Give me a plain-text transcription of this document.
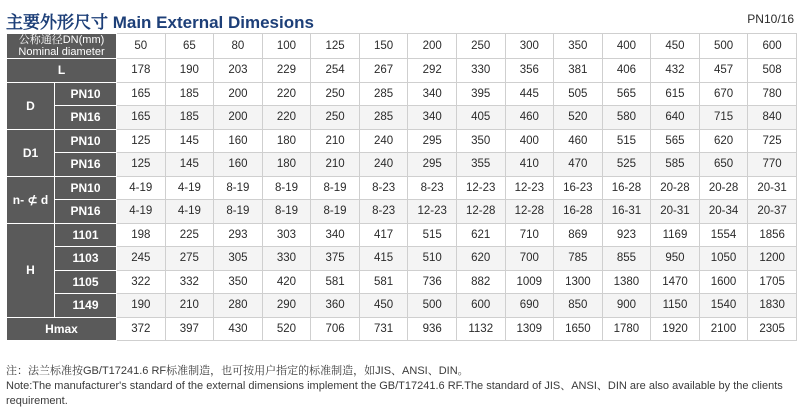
主要外形尺寸 Main External Dimesions	PN10/16
公称通径DN(mm)
Nominal diameter		50	65	80	100	125	150	200	250	300	350	400	450	500	600
L		178	190	203	229	254	267	292	330	356	381	406	432	457	508
D	PN10	165	185	200	220	250	285	340	395	445	505	565	615	670	780
	PN16	165	185	200	220	250	285	340	405	460	520	580	640	715	840
D1	PN10	125	145	160	180	210	240	295	350	400	460	515	565	620	725
	PN16	125	145	160	180	210	240	295	355	410	470	525	585	650	770
n- ⊄ d	PN10	4-19	4-19	8-19	8-19	8-19	8-23	8-23	12-23	12-23	16-23	16-28	20-28	20-28	20-31
	PN16	4-19	4-19	8-19	8-19	8-19	8-23	12-23	12-28	12-28	16-28	16-31	20-31	20-34	20-37
H	1101	198	225	293	303	340	417	515	621	710	869	923	1169	1554	1856
	1103	245	275	305	330	375	415	510	620	700	785	855	950	1050	1200
	1105	322	332	350	420	581	581	736	882	1009	1300	1380	1470	1600	1705
	1149	190	210	280	290	360	450	500	600	690	850	900	1150	1540	1830
Hmax		372	397	430	520	706	731	936	1132	1309	1650	1780	1920	2100	2305
注：法兰标准按GB/T17241.6 RF标准制造，也可按用户指定的标准制造，如JIS、ANSI、DIN。
Note:The manufacturer's standard of the external dimensions implement the GB/T17241.6 RF.The standard of JIS、ANSI、DIN are also available by the clients requirement.
